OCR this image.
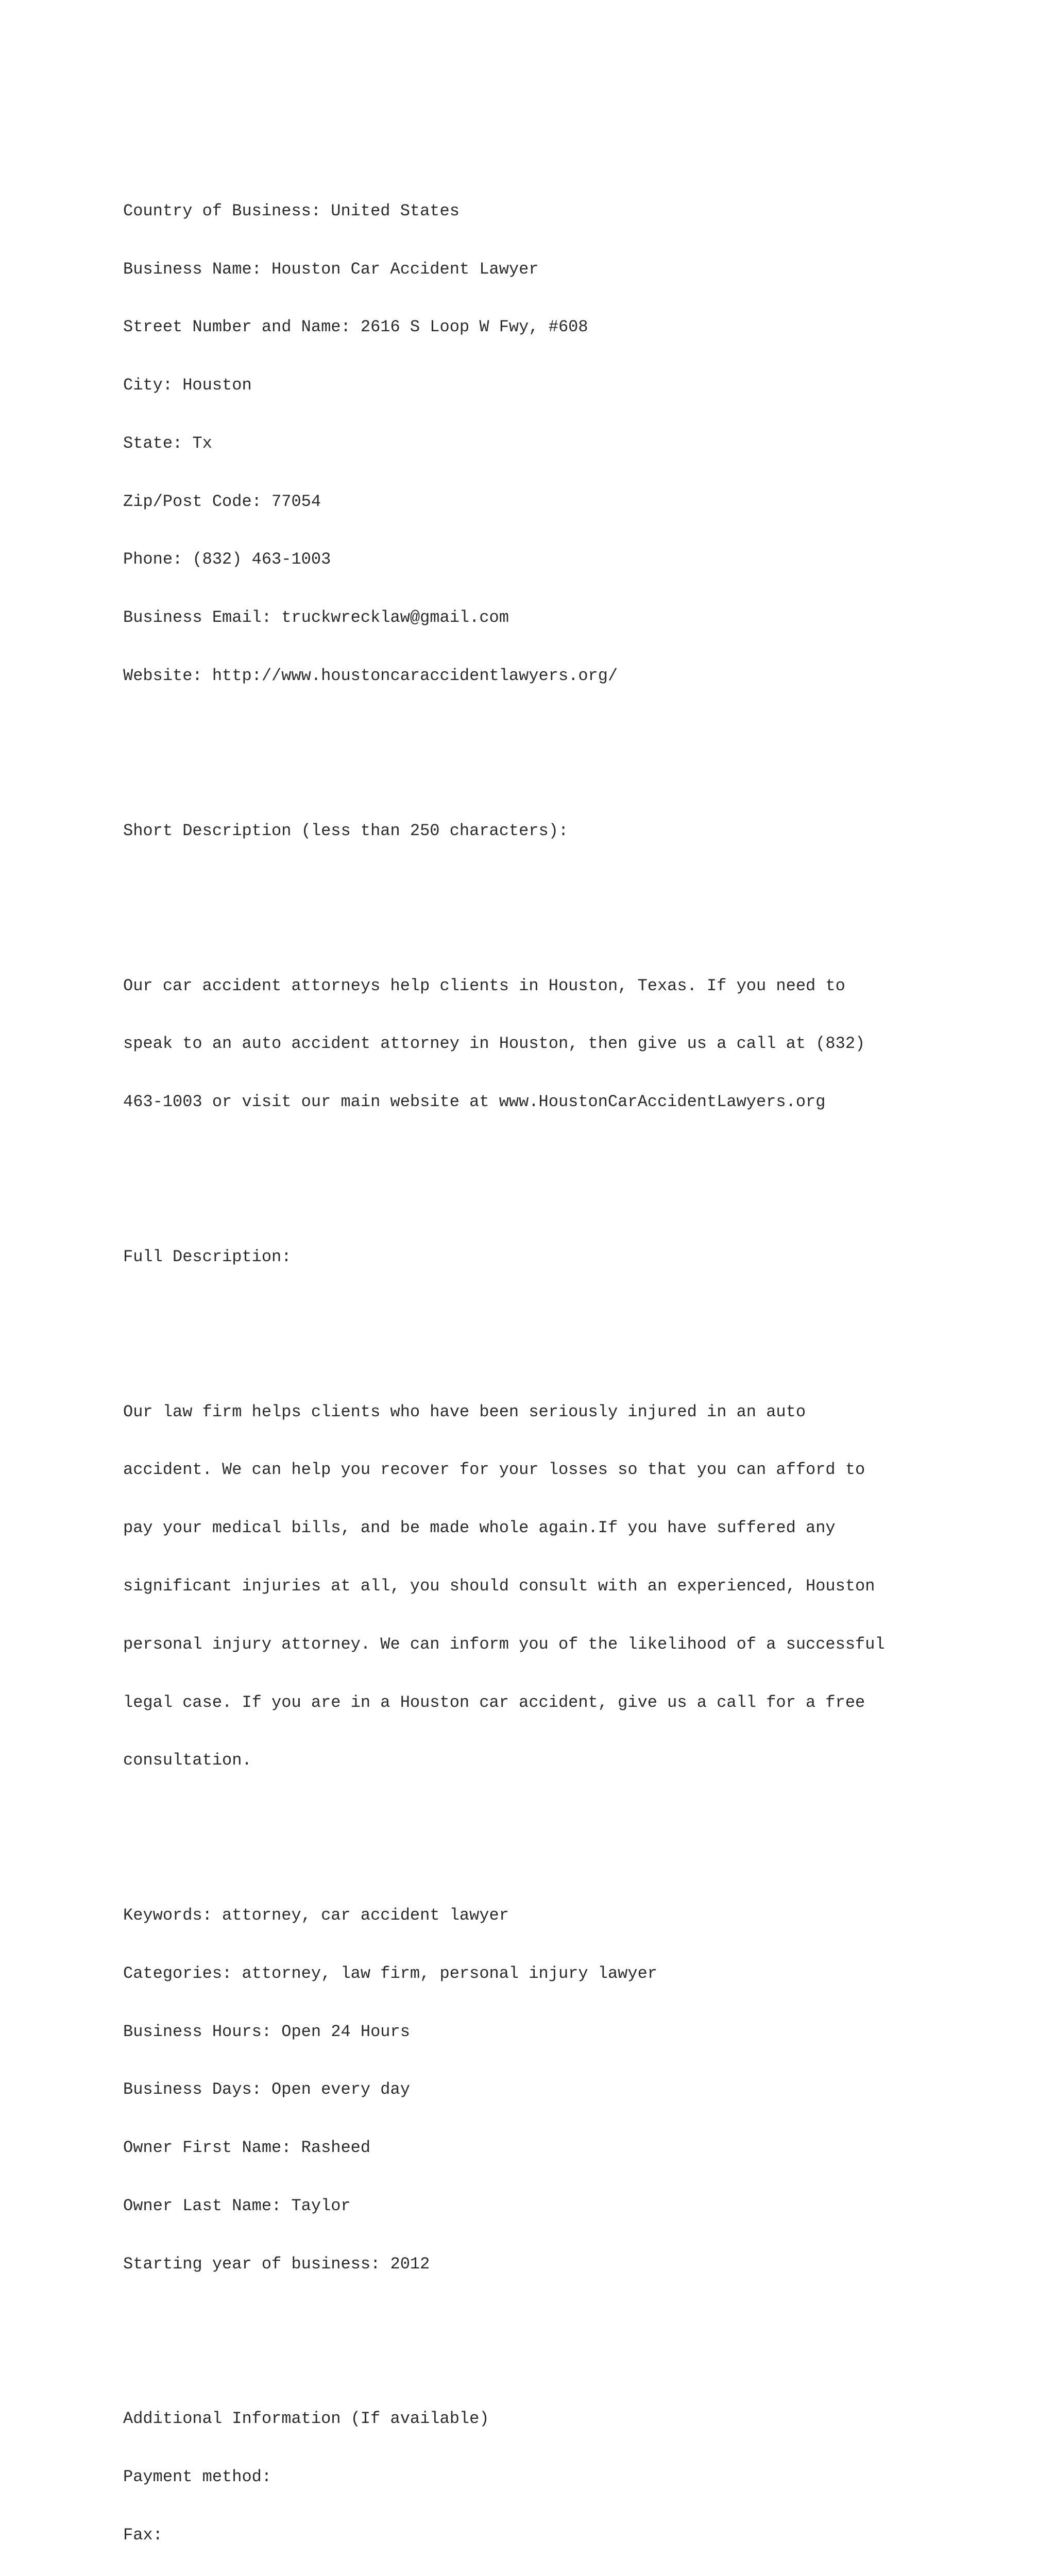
Country of Business: United States

Business Name: Houston Car Accident Lawyer

Street Number and Name: 2616 S Loop W Fwy, #608

City: Houston

State: Tx

Zip/Post Code: 77054

Phone: (832) 463-1003

Business Email: truckwrecklaw@gmail.com

Website: http://www.houstoncaraccidentlawyers.org/

Short Description (less than 250 characters):

Our car accident attorneys help clients in Houston, Texas. If you need to

speak to an auto accident attorney in Houston, then give us a call at (832)

463-1003 or visit our main website at www.HoustonCarAccidentLawyers.org

Full Description:

Our law firm helps clients who have been seriously injured in an auto

accident. We can help you recover for your losses so that you can afford to

pay your medical bills, and be made whole again.If you have suffered any

significant injuries at all, you should consult with an experienced, Houston

personal injury attorney. We can inform you of the likelihood of a successful

legal case. If you are in a Houston car accident, give us a call for a free

consultation.

Keywords: attorney, car accident lawyer

Categories: attorney, law firm, personal injury lawyer

Business Hours: Open 24 Hours

Business Days: Open every day

Owner First Name: Rasheed

Owner Last Name: Taylor

Starting year of business: 2012

Additional Information (If available)

Payment method:

Fax:
